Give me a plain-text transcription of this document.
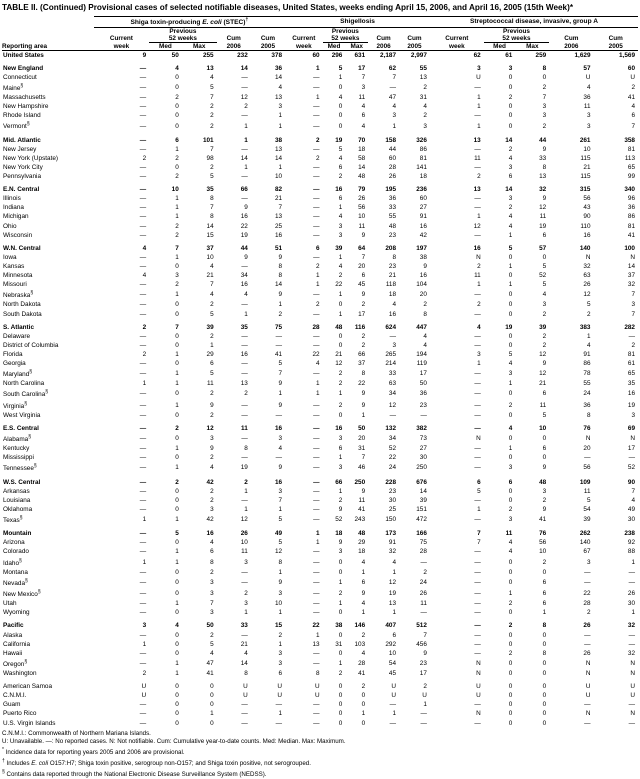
TABLE II. (Continued) Provisional cases of selected notifiable diseases, United States, weeks ending April 15, 2006, and April 16, 2005 (15th Week)*
	Shiga toxin-producing E. coli (STEC)†					Shigellosis					Streptococcal disease, invasive, group A				
		Previous					Previous					Previous			
	Current	52 weeks		Cum	Cum	Current	52 weeks		Cum	Cum	Current	52 weeks		Cum	Cum
Reporting area	week	Med	Max	2006	2005	week	Med	Max	2006	2005	week	Med	Max	2006	2005
United States	9	50	255	232	378	60	296	631	2,187	2,997	62	61	259	1,629	1,569

New England	—	4	13	14	36	1	5	17	62	55	3	3	8	57	60
Connecticut	—	0	4	—	14	—	1	7	7	13	U	0	0	U	U
Maine§	—	0	5	—	4	—	0	3	—	2	—	0	2	4	2
Massachusetts	—	2	7	12	13	1	4	11	47	31	1	2	7	36	41
New Hampshire	—	0	2	2	3	—	0	4	4	4	1	0	3	11	4
Rhode Island	—	0	2	—	1	—	0	6	3	2	—	0	3	3	6
Vermont§	—	0	2	1	1	—	0	4	1	3	1	0	2	3	7

Mid. Atlantic	—	6	101	1	38	2	19	70	158	326	13	14	44	261	358
New Jersey	—	1	7	—	13	—	5	18	44	86	—	2	9	10	81
New York (Upstate)	2	2	98	14	14	2	4	58	60	81	11	4	33	115	113
New York City	—	0	2	1	1	—	6	14	28	141	—	3	8	21	65
Pennsylvania	—	2	5	—	10	—	2	48	26	18	2	6	13	115	99

E.N. Central	—	10	35	66	82	—	16	79	195	236	13	14	32	315	340
Illinois	—	1	8	—	21	—	6	26	36	60	—	3	9	56	96
Indiana	—	1	7	9	7	—	1	56	33	27	—	2	12	43	36
Michigan	—	1	8	16	13	—	4	10	55	91	1	4	11	90	86
Ohio	—	2	14	22	25	—	3	11	48	16	12	4	19	110	81
Wisconsin	—	2	15	19	16	—	3	9	23	42	—	1	6	16	41

W.N. Central	4	7	37	44	51	6	39	64	208	197	16	5	57	140	100
Iowa	—	1	10	9	9	—	1	7	8	38	N	0	0	N	N
Kansas	—	0	4	—	8	2	4	20	23	9	2	1	5	32	14
Minnesota	4	3	21	34	8	1	2	6	21	16	11	0	52	63	37
Missouri	—	2	7	16	14	1	22	45	118	104	1	1	5	26	32
Nebraska§	—	1	4	4	9	—	1	9	18	20	—	0	4	12	7
North Dakota	—	0	2	—	1	2	0	2	4	2	2	0	3	5	3
South Dakota	—	0	5	1	2	—	1	17	16	8	—	0	2	2	7

S. Atlantic	2	7	39	35	75	28	48	116	624	447	4	19	39	383	282
Delaware	—	0	2	—	—	—	0	2	—	4	—	0	2	1	—
District of Columbia	—	0	1	—	—	—	0	2	3	4	—	0	2	4	2
Florida	2	1	29	16	41	22	21	66	265	194	3	5	12	91	81
Georgia	—	0	6	—	5	4	12	37	214	119	1	4	9	86	61
Maryland§	—	1	5	—	7	—	2	8	33	17	—	3	12	78	65
North Carolina	1	1	11	13	9	1	2	22	63	50	—	1	21	55	35
South Carolina§	—	0	2	2	1	1	1	9	34	36	—	0	6	24	16
Virginia§	—	1	9	—	9	—	2	9	12	23	—	2	11	36	19
West Virginia	—	0	2	—	—	—	0	1	—	—	—	0	5	8	3

E.S. Central	—	2	12	11	16	—	16	50	132	382	—	4	10	76	69
Alabama§	—	0	3	—	3	—	3	20	34	73	N	0	0	N	N
Kentucky	—	1	9	8	4	—	6	31	52	27	—	1	6	20	17
Mississippi	—	0	2	—	—	—	1	7	22	30	—	0	0	—	—
Tennessee§	—	1	4	19	9	—	3	46	24	250	—	3	9	56	52

W.S. Central	—	2	42	2	16	—	66	250	228	676	6	6	48	109	90
Arkansas	—	0	2	1	3	—	1	9	23	14	5	0	3	11	7
Louisiana	—	0	2	—	7	—	2	11	30	39	—	0	2	5	4
Oklahoma	—	0	3	1	1	—	9	41	25	151	1	2	9	54	49
Texas§	1	1	42	12	5	—	52	243	150	472	—	3	41	39	30

Mountain	—	5	16	26	49	1	18	48	173	166	7	11	76	262	238
Arizona	—	0	4	10	5	1	9	29	91	75	7	4	56	140	92
Colorado	—	1	6	11	12	—	3	18	32	28	—	4	10	67	88
Idaho§	1	1	8	3	8	—	0	4	4	—	—	0	2	3	1
Montana	—	0	2	—	1	—	0	1	1	2	—	0	0	—	—
Nevada§	—	0	3	—	9	—	1	6	12	24	—	0	6	—	—
New Mexico§	—	0	3	2	3	—	2	9	19	26	—	1	6	22	26
Utah	—	1	7	3	10	—	1	4	13	11	—	2	6	28	30
Wyoming	—	0	3	1	1	—	0	1	1	—	—	0	1	2	1

Pacific	3	4	50	33	15	22	38	146	407	512	—	2	8	26	32
Alaska	—	0	2	—	2	1	0	2	6	7	—	0	0	—	—
California	1	0	5	21	1	13	31	103	292	456	—	0	0	—	—
Hawaii	—	0	4	4	3	—	0	4	10	9	—	2	8	26	32
Oregon§	—	1	47	14	3	—	1	28	54	23	N	0	0	N	N
Washington	2	1	41	8	6	8	2	41	45	17	N	0	0	N	N

American Samoa	U	0	0	U	U	U	0	2	U	2	U	0	0	U	U
C.N.M.I.	U	0	0	U	U	U	0	0	U	U	U	0	0	U	U
Guam	—	0	0	—	—	—	0	0	—	1	—	0	0	—	—
Puerto Rico	—	0	1	—	1	—	0	1	1	—	N	0	0	N	N
U.S. Virgin Islands	—	0	0	—	—	—	0	0	—	—	—	0	0	—	—
C.N.M.I.: Commonwealth of Northern Mariana Islands.
U: Unavailable. —: No reported cases. N: Not notifiable. Cum: Cumulative year-to-date counts. Med: Median. Max: Maximum.
* Incidence data for reporting years 2005 and 2006 are provisional.
† Includes E. coli O157:H7; Shiga toxin positive, serogroup non-O157; and Shiga toxin positive, not serogrouped.
§ Contains data reported through the National Electronic Disease Surveillance System (NEDSS).
